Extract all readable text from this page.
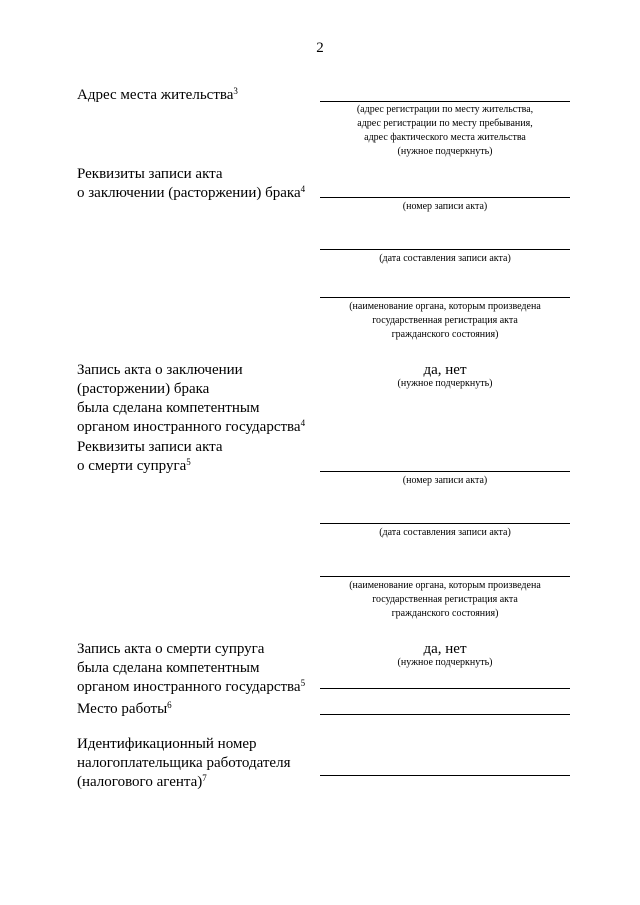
2
Адрес места жительства$^3$
(адрес регистрации по месту жительства,
адрес регистрации по месту пребывания,
адрес фактического места жительства
(нужное подчеркнуть)
Реквизиты записи акта
о заключении (расторжении) брака$^4$
(номер записи акта)
(дата составления записи акта)
(наименование органа, которым произведена
государственная регистрация акта
гражданского состояния)
Запись акта о заключении
(расторжении) брака
была сделана компетентным
органом иностранного государства$^4$
да, нет
(нужное подчеркнуть)
Реквизиты записи акта
о смерти супруга$^5$
(номер записи акта)
(дата составления записи акта)
(наименование органа, которым произведена
государственная регистрация акта
гражданского состояния)
Запись акта о смерти супруга
была сделана компетентным
органом иностранного государства$^5$
да, нет
(нужное подчеркнуть)
Место работы$^6$
Идентификационный номер
налогоплательщика работодателя
(налогового агента)$^7$
